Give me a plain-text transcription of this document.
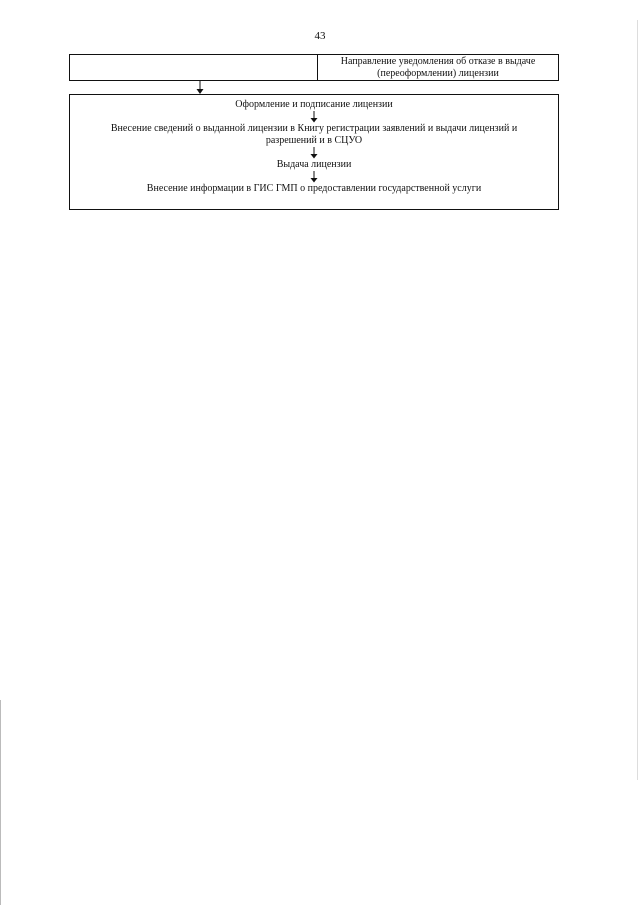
43
Направление уведомления об отказе в выдаче
(переоформлении) лицензии
Оформление и подписание лицензии
Внесение сведений о выданной лицензии в Книгу регистрации заявлений и выдачи лицензий и
разрешений и в СЦУО
Выдача лицензии
Внесение информации в ГИС ГМП о предоставлении государственной услуги
